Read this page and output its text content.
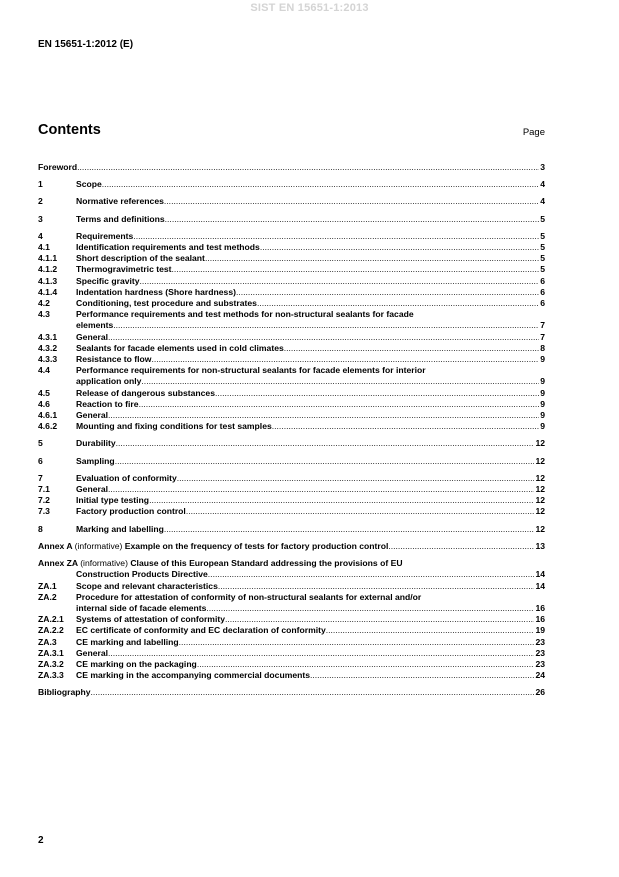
SIST EN 15651-1:2013
EN 15651-1:2012 (E)
Contents	Page
Foreword .....	3
1	Scope .....	4
2	Normative references .....	4
3	Terms and definitions .....	5
4	Requirements .....	5
4.1	Identification requirements and test methods .....	5
4.1.1	Short description of the sealant .....	5
4.1.2	Thermogravimetric test .....	5
4.1.3	Specific gravity .....	6
4.1.4	Indentation hardness (Shore hardness) .....	6
4.2	Conditioning, test procedure and substrates .....	6
4.3	Performance requirements and test methods for non-structural sealants for facade
elements .....	7
4.3.1	General .....	7
4.3.2	Sealants for facade elements used in cold climates .....	8
4.3.3	Resistance to flow .....	9
4.4	Performance requirements for non-structural sealants for facade elements for interior
application only .....	9
4.5	Release of dangerous substances .....	9
4.6	Reaction to fire .....	9
4.6.1	General .....	9
4.6.2	Mounting and fixing conditions for test samples .....	9
5	Durability .....	12
6	Sampling .....	12
7	Evaluation of conformity .....	12
7.1	General .....	12
7.2	Initial type testing .....	12
7.3	Factory production control .....	12
8	Marking and labelling .....	12
Annex A (informative) Example on the frequency of tests for factory production control .....	13
Annex ZA (informative) Clause of this European Standard addressing the provisions of EU
Construction Products Directive .....	14
ZA.1	Scope and relevant characteristics .....	14
ZA.2	Procedure for attestation of conformity of non-structural sealants for external and/or
internal side of facade elements .....	16
ZA.2.1	Systems of attestation of conformity .....	16
ZA.2.2	EC certificate of conformity and EC declaration of conformity .....	19
ZA.3	CE marking and labelling .....	23
ZA.3.1	General .....	23
ZA.3.2	CE marking on the packaging .....	23
ZA.3.3	CE marking in the accompanying commercial documents .....	24
Bibliography .....	26
2
